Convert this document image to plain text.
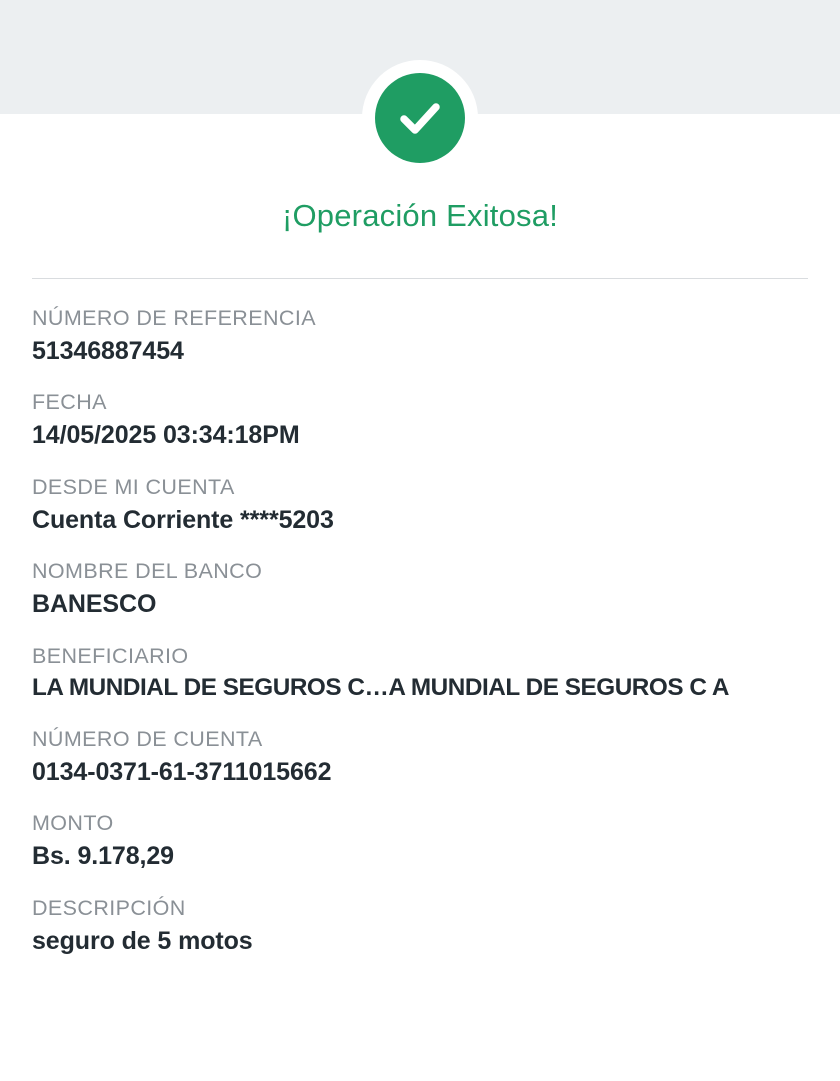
¡Operación Exitosa!
NÚMERO DE REFERENCIA
51346887454
FECHA
14/05/2025 03:34:18PM
DESDE MI CUENTA
Cuenta Corriente ****5203
NOMBRE DEL BANCO
BANESCO
BENEFICIARIO
LA MUNDIAL DE SEGUROS C…A MUNDIAL DE SEGUROS C A
NÚMERO DE CUENTA
0134-0371-61-3711015662
MONTO
Bs. 9.178,29
DESCRIPCIÓN
seguro de 5 motos
